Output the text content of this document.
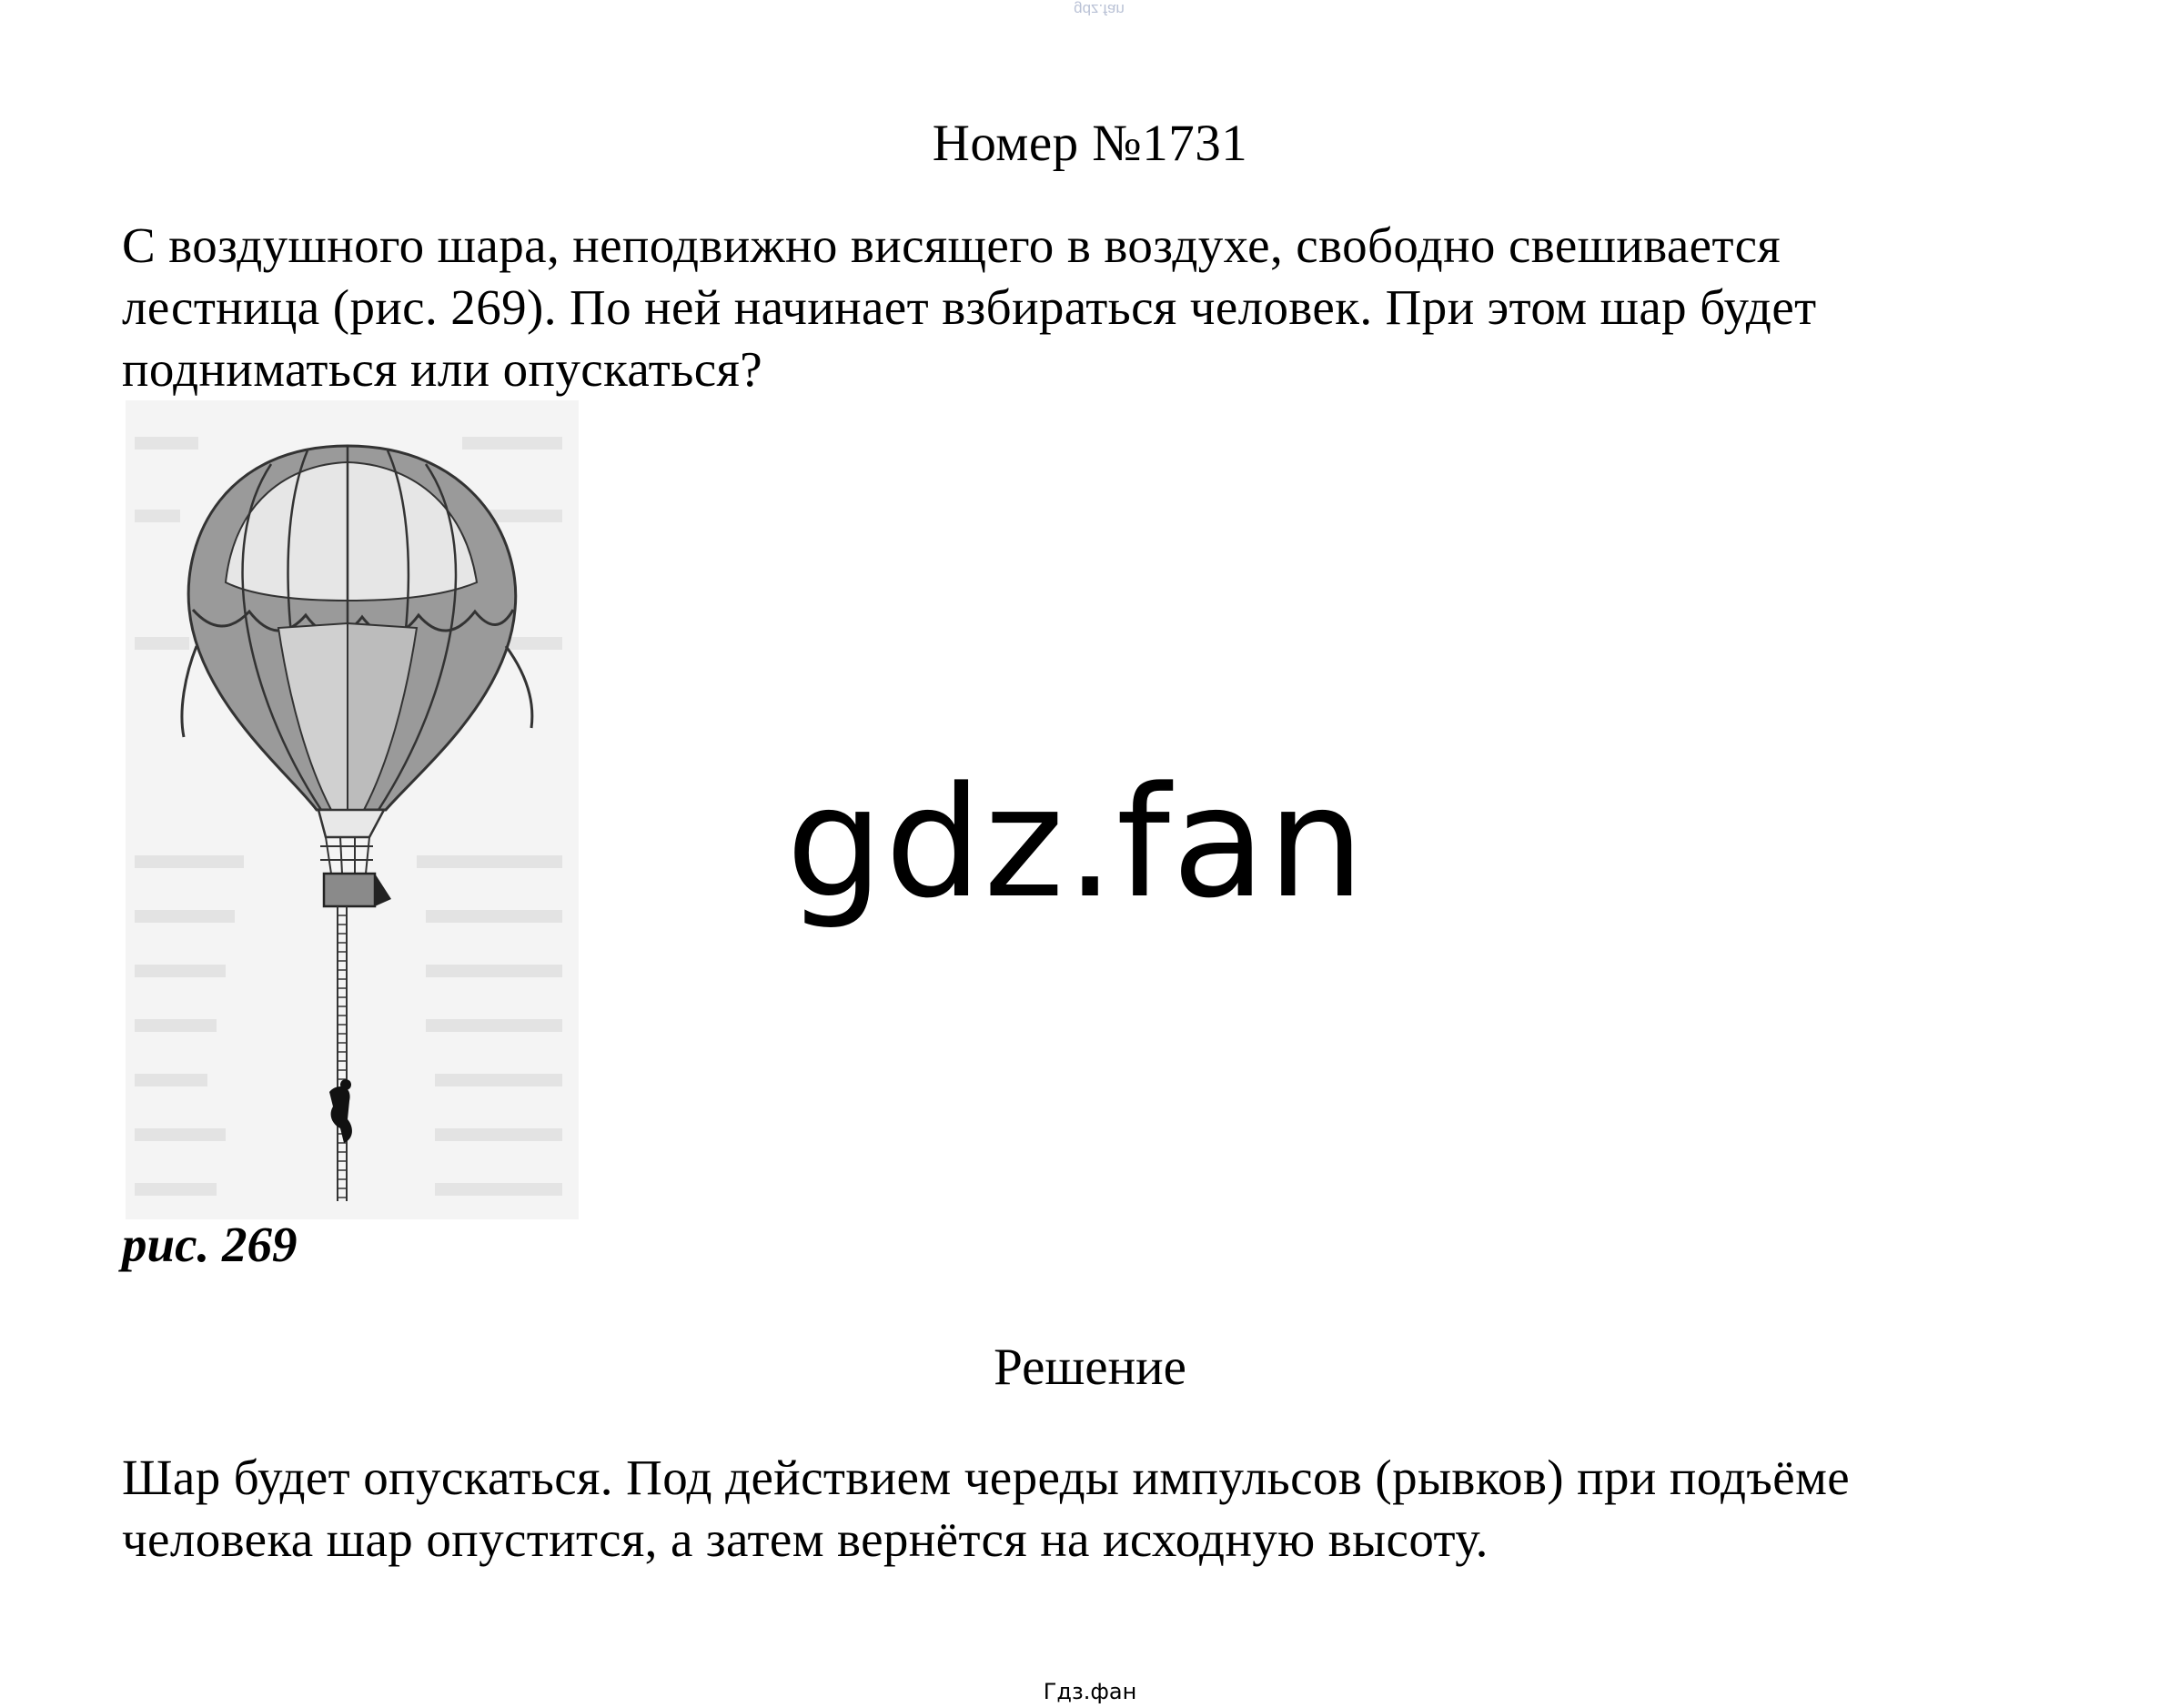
gdz.fan
Номер №1731
С воздушного шара, неподвижно висящего в воздухе, свободно свешивается
лестница (рис. 269). По ней начинает взбираться человек. При этом шар будет
подниматься или опускаться?
рис. 269
gdz.fan
Решение
Шар будет опускаться. Под действием череды импульсов (рывков) при подъёме
человека шар опустится, а затем вернётся на исходную высоту.
Гдз.фан
